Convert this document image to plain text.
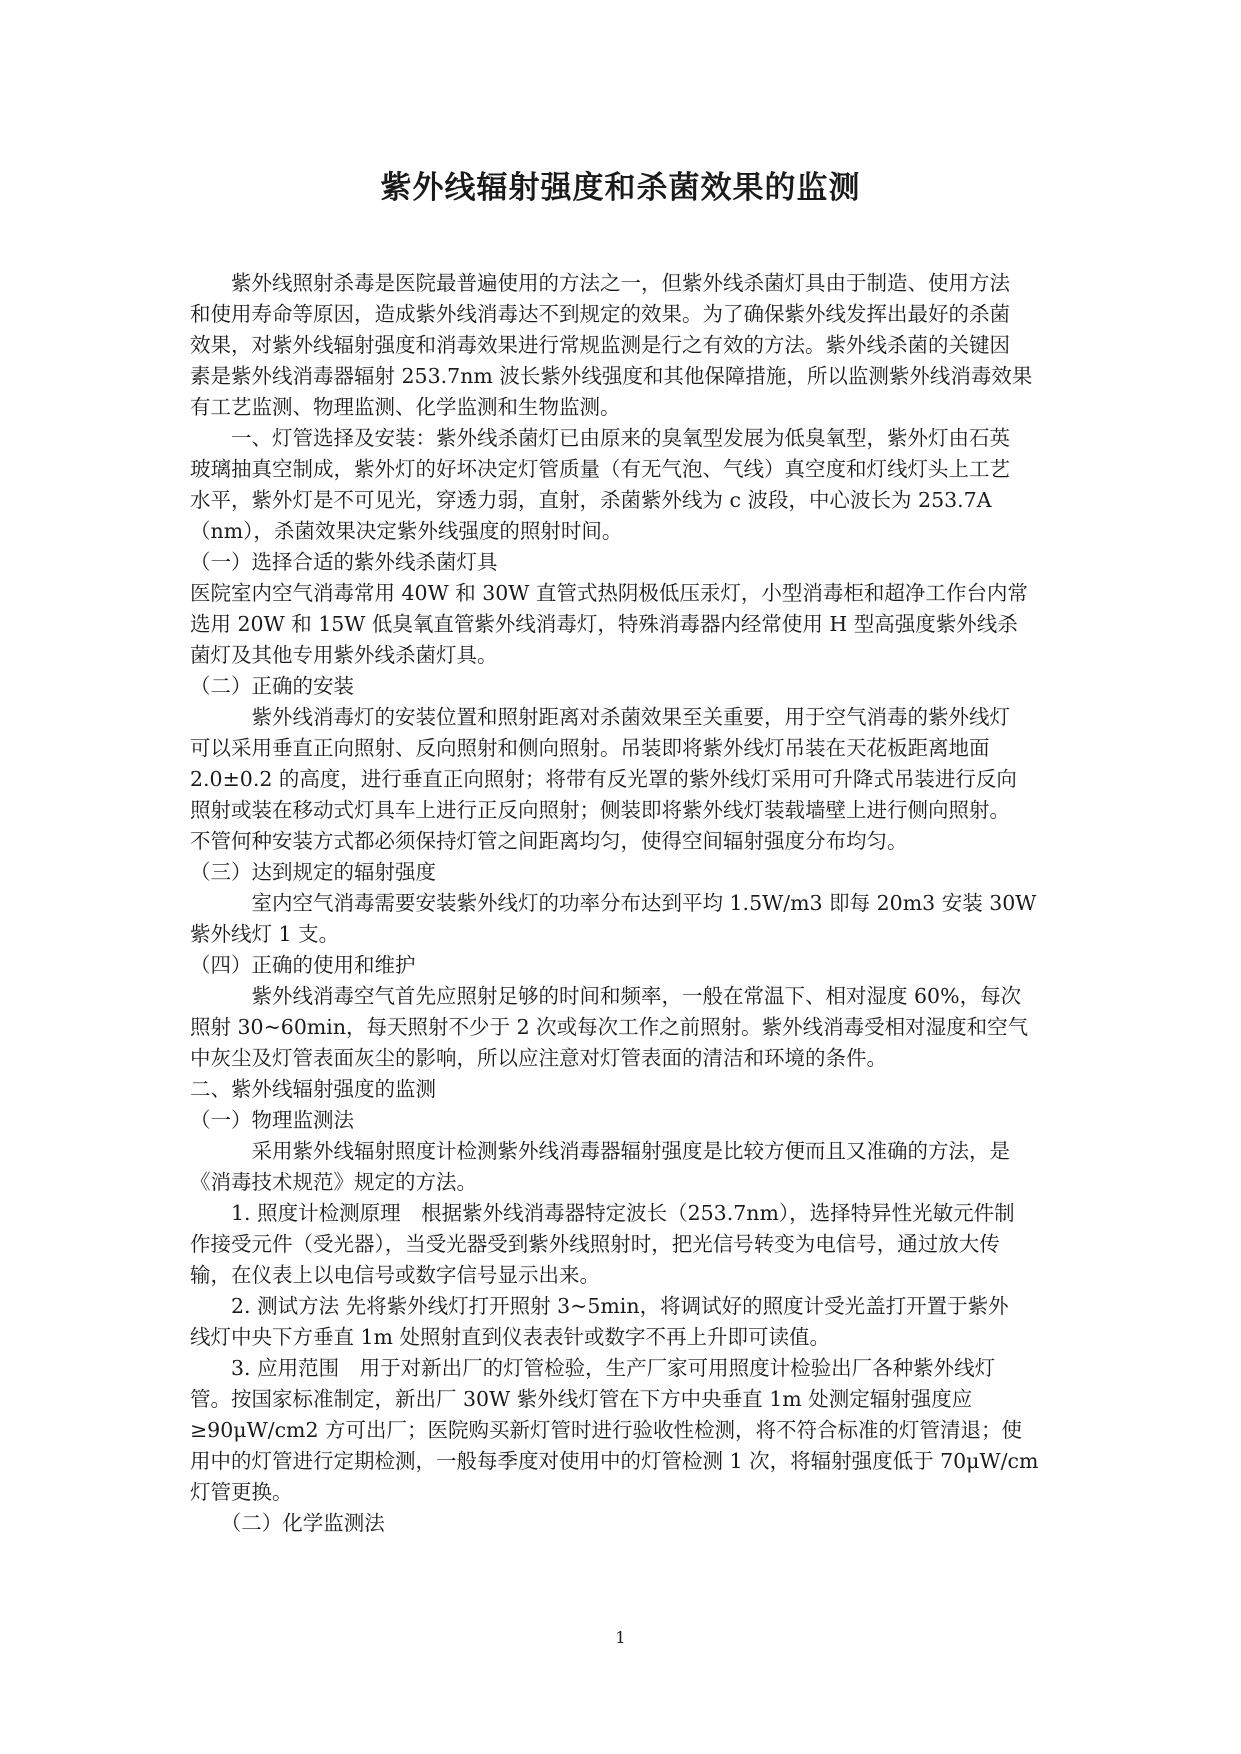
紫外线辐射强度和杀菌效果的监测
　　紫外线照射杀毒是医院最普遍使用的方法之一，但紫外线杀菌灯具由于制造、使用方法
和使用寿命等原因，造成紫外线消毒达不到规定的效果。为了确保紫外线发挥出最好的杀菌
效果，对紫外线辐射强度和消毒效果进行常规监测是行之有效的方法。紫外线杀菌的关键因
素是紫外线消毒器辐射 253.7nm 波长紫外线强度和其他保障措施，所以监测紫外线消毒效果
有工艺监测、物理监测、化学监测和生物监测。
　　一、灯管选择及安装：紫外线杀菌灯已由原来的臭氧型发展为低臭氧型，紫外灯由石英
玻璃抽真空制成，紫外灯的好坏决定灯管质量（有无气泡、气线）真空度和灯线灯头上工艺
水平，紫外灯是不可见光，穿透力弱，直射，杀菌紫外线为 c 波段，中心波长为 253.7A
（nm），杀菌效果决定紫外线强度的照射时间。
（一）选择合适的紫外线杀菌灯具
医院室内空气消毒常用 40W 和 30W 直管式热阴极低压汞灯，小型消毒柜和超净工作台内常
选用 20W 和 15W 低臭氧直管紫外线消毒灯，特殊消毒器内经常使用 H 型高强度紫外线杀
菌灯及其他专用紫外线杀菌灯具。
（二）正确的安装
　　　紫外线消毒灯的安装位置和照射距离对杀菌效果至关重要，用于空气消毒的紫外线灯
可以采用垂直正向照射、反向照射和侧向照射。吊装即将紫外线灯吊装在天花板距离地面
2.0±0.2 的高度，进行垂直正向照射；将带有反光罩的紫外线灯采用可升降式吊装进行反向
照射或装在移动式灯具车上进行正反向照射；侧装即将紫外线灯装载墙壁上进行侧向照射。
不管何种安装方式都必须保持灯管之间距离均匀，使得空间辐射强度分布均匀。
（三）达到规定的辐射强度
　　　室内空气消毒需要安装紫外线灯的功率分布达到平均 1.5W/m3 即每 20m3 安装 30W
紫外线灯 1 支。
（四）正确的使用和维护
　　　紫外线消毒空气首先应照射足够的时间和频率，一般在常温下、相对湿度 60%，每次
照射 30~60min，每天照射不少于 2 次或每次工作之前照射。紫外线消毒受相对湿度和空气
中灰尘及灯管表面灰尘的影响，所以应注意对灯管表面的清洁和环境的条件。
二、紫外线辐射强度的监测
（一）物理监测法
　　　采用紫外线辐射照度计检测紫外线消毒器辐射强度是比较方便而且又准确的方法，是
《消毒技术规范》规定的方法。
　　1. 照度计检测原理　根据紫外线消毒器特定波长（253.7nm），选择特异性光敏元件制
作接受元件（受光器），当受光器受到紫外线照射时，把光信号转变为电信号，通过放大传
输，在仪表上以电信号或数字信号显示出来。
　　2. 测试方法 先将紫外线灯打开照射 3~5min，将调试好的照度计受光盖打开置于紫外
线灯中央下方垂直 1m 处照射直到仪表表针或数字不再上升即可读值。
　　3. 应用范围　用于对新出厂的灯管检验，生产厂家可用照度计检验出厂各种紫外线灯
管。按国家标准制定，新出厂 30W 紫外线灯管在下方中央垂直 1m 处测定辐射强度应
≥90μW/cm2 方可出厂；医院购买新灯管时进行验收性检测，将不符合标准的灯管清退；使
用中的灯管进行定期检测，一般每季度对使用中的灯管检测 1 次，将辐射强度低于 70μW/cm
灯管更换。
　　（二）化学监测法
1
